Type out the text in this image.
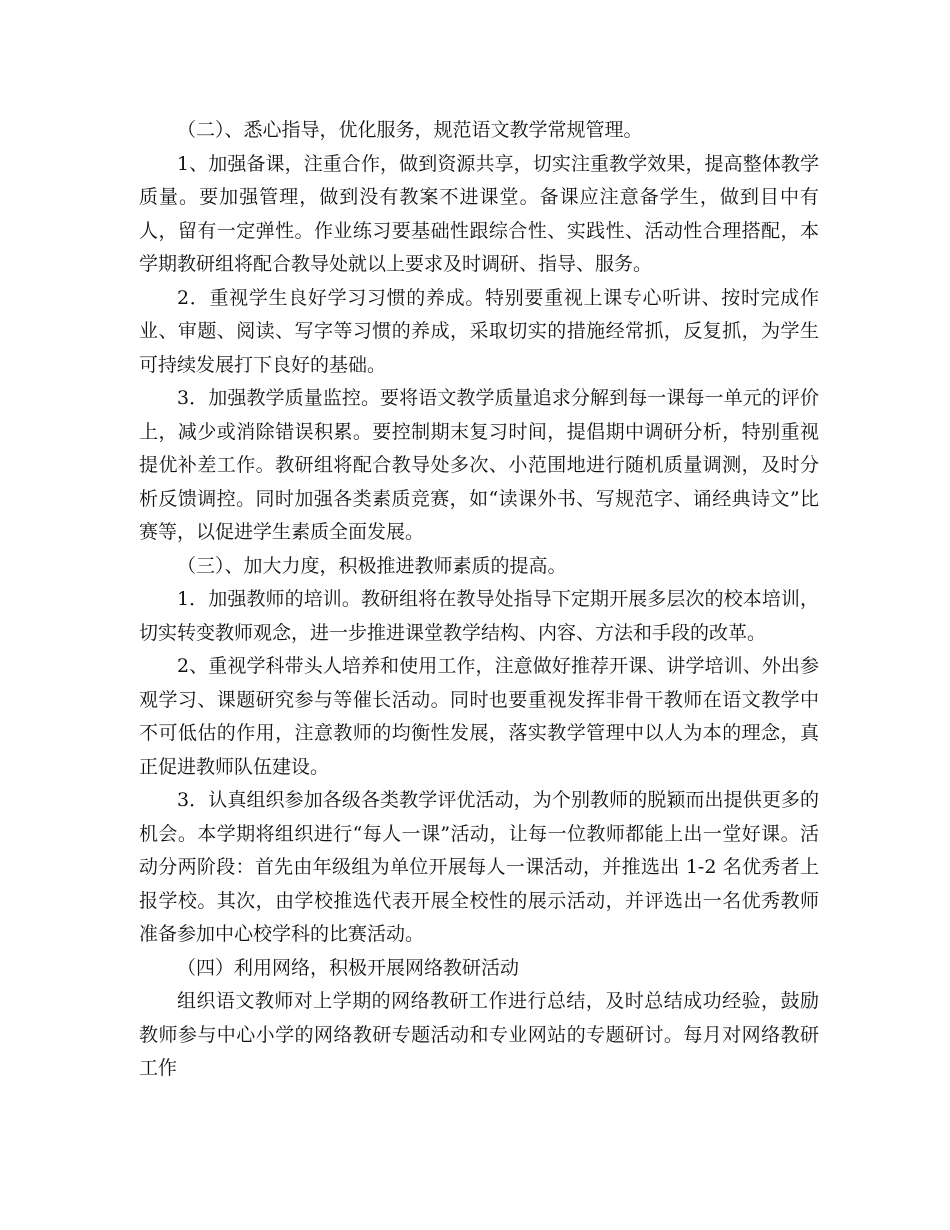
（二）、悉心指导，优化服务，规范语文教学常规管理。

1、加强备课，注重合作，做到资源共享，切实注重教学效果，提高整体教学质量。要加强管理，做到没有教案不进课堂。备课应注意备学生，做到目中有人，留有一定弹性。作业练习要基础性跟综合性、实践性、活动性合理搭配，本学期教研组将配合教导处就以上要求及时调研、指导、服务。

2．重视学生良好学习习惯的养成。特别要重视上课专心听讲、按时完成作业、审题、阅读、写字等习惯的养成，采取切实的措施经常抓，反复抓，为学生可持续发展打下良好的基础。

3．加强教学质量监控。要将语文教学质量追求分解到每一课每一单元的评价上，减少或消除错误积累。要控制期末复习时间，提倡期中调研分析，特别重视提优补差工作。教研组将配合教导处多次、小范围地进行随机质量调测，及时分析反馈调控。同时加强各类素质竞赛，如“读课外书、写规范字、诵经典诗文”比赛等，以促进学生素质全面发展。

（三）、加大力度，积极推进教师素质的提高。

1．加强教师的培训。教研组将在教导处指导下定期开展多层次的校本培训，切实转变教师观念，进一步推进课堂教学结构、内容、方法和手段的改革。

2、重视学科带头人培养和使用工作，注意做好推荐开课、讲学培训、外出参观学习、课题研究参与等催长活动。同时也要重视发挥非骨干教师在语文教学中不可低估的作用，注意教师的均衡性发展，落实教学管理中以人为本的理念，真正促进教师队伍建设。

3．认真组织参加各级各类教学评优活动，为个别教师的脱颖而出提供更多的机会。本学期将组织进行“每人一课”活动，让每一位教师都能上出一堂好课。活动分两阶段：首先由年级组为单位开展每人一课活动，并推选出 1-2 名优秀者上报学校。其次，由学校推选代表开展全校性的展示活动，并评选出一名优秀教师准备参加中心校学科的比赛活动。

（四）利用网络，积极开展网络教研活动

组织语文教师对上学期的网络教研工作进行总结，及时总结成功经验，鼓励教师参与中心小学的网络教研专题活动和专业网站的专题研讨。每月对网络教研工作
